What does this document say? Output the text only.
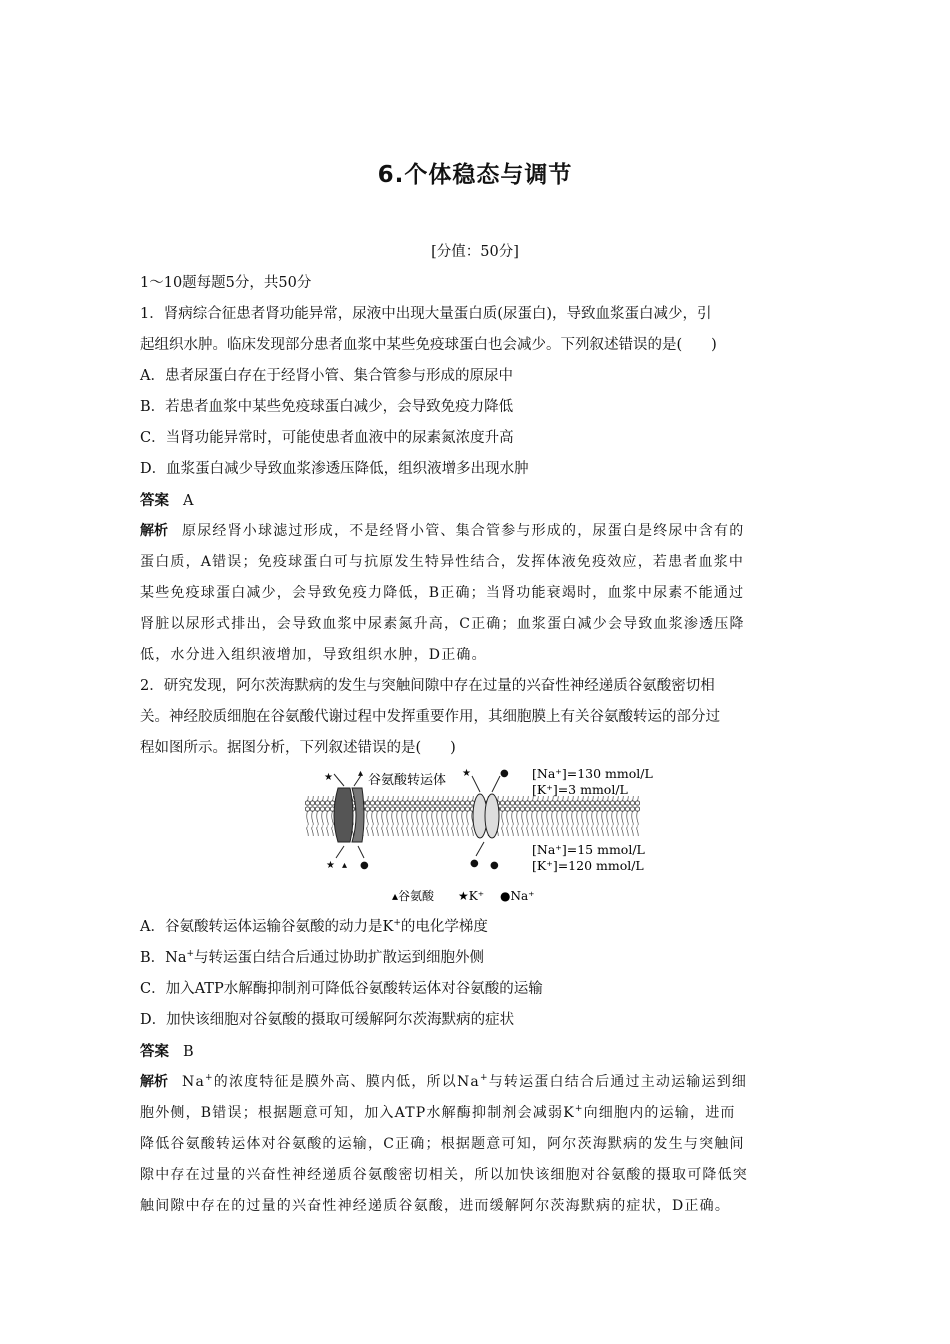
6.个体稳态与调节
[分值：50分]
1～10题每题5分，共50分
1．肾病综合征患者肾功能异常，尿液中出现大量蛋白质(尿蛋白)，导致血浆蛋白减少，引
起组织水肿。临床发现部分患者血浆中某些免疫球蛋白也会减少。下列叙述错误的是(　　)
A．患者尿蛋白存在于经肾小管、集合管参与形成的原尿中
B．若患者血浆中某些免疫球蛋白减少，会导致免疫力降低
C．当肾功能异常时，可能使患者血液中的尿素氮浓度升高
D．血浆蛋白减少导致血浆渗透压降低，组织液增多出现水肿
答案 A
解析 原尿经肾小球滤过形成，不是经肾小管、集合管参与形成的，尿蛋白是终尿中含有的
蛋白质，A错误；免疫球蛋白可与抗原发生特异性结合，发挥体液免疫效应，若患者血浆中
某些免疫球蛋白减少，会导致免疫力降低，B正确；当肾功能衰竭时，血浆中尿素不能通过
肾脏以尿形式排出，会导致血浆中尿素氮升高，C正确；血浆蛋白减少会导致血浆渗透压降
低，水分进入组织液增加，导致组织水肿，D正确。
2．研究发现，阿尔茨海默病的发生与突触间隙中存在过量的兴奋性神经递质谷氨酸密切相
关。神经胶质细胞在谷氨酸代谢过程中发挥重要作用，其细胞膜上有关谷氨酸转运的部分过
程如图所示。据图分析，下列叙述错误的是(　　)
★	▴	★	●
★ ▴ ●	● ●
谷氨酸转运体	[Na⁺]=130 mmol/L
[K⁺]=3 mmol/L
[Na⁺]=15 mmol/L
[K⁺]=120 mmol/L
▴谷氨酸 ★K⁺ ●Na⁺
A．谷氨酸转运体运输谷氨酸的动力是K+的电化学梯度
B．Na+与转运蛋白结合后通过协助扩散运到细胞外侧
C．加入ATP水解酶抑制剂可降低谷氨酸转运体对谷氨酸的运输
D．加快该细胞对谷氨酸的摄取可缓解阿尔茨海默病的症状
答案 B
解析 Na+的浓度特征是膜外高、膜内低，所以Na+与转运蛋白结合后通过主动运输运到细
胞外侧，B错误；根据题意可知，加入ATP水解酶抑制剂会减弱K+向细胞内的运输，进而
降低谷氨酸转运体对谷氨酸的运输，C正确；根据题意可知，阿尔茨海默病的发生与突触间
隙中存在过量的兴奋性神经递质谷氨酸密切相关，所以加快该细胞对谷氨酸的摄取可降低突
触间隙中存在的过量的兴奋性神经递质谷氨酸，进而缓解阿尔茨海默病的症状，D正确。
